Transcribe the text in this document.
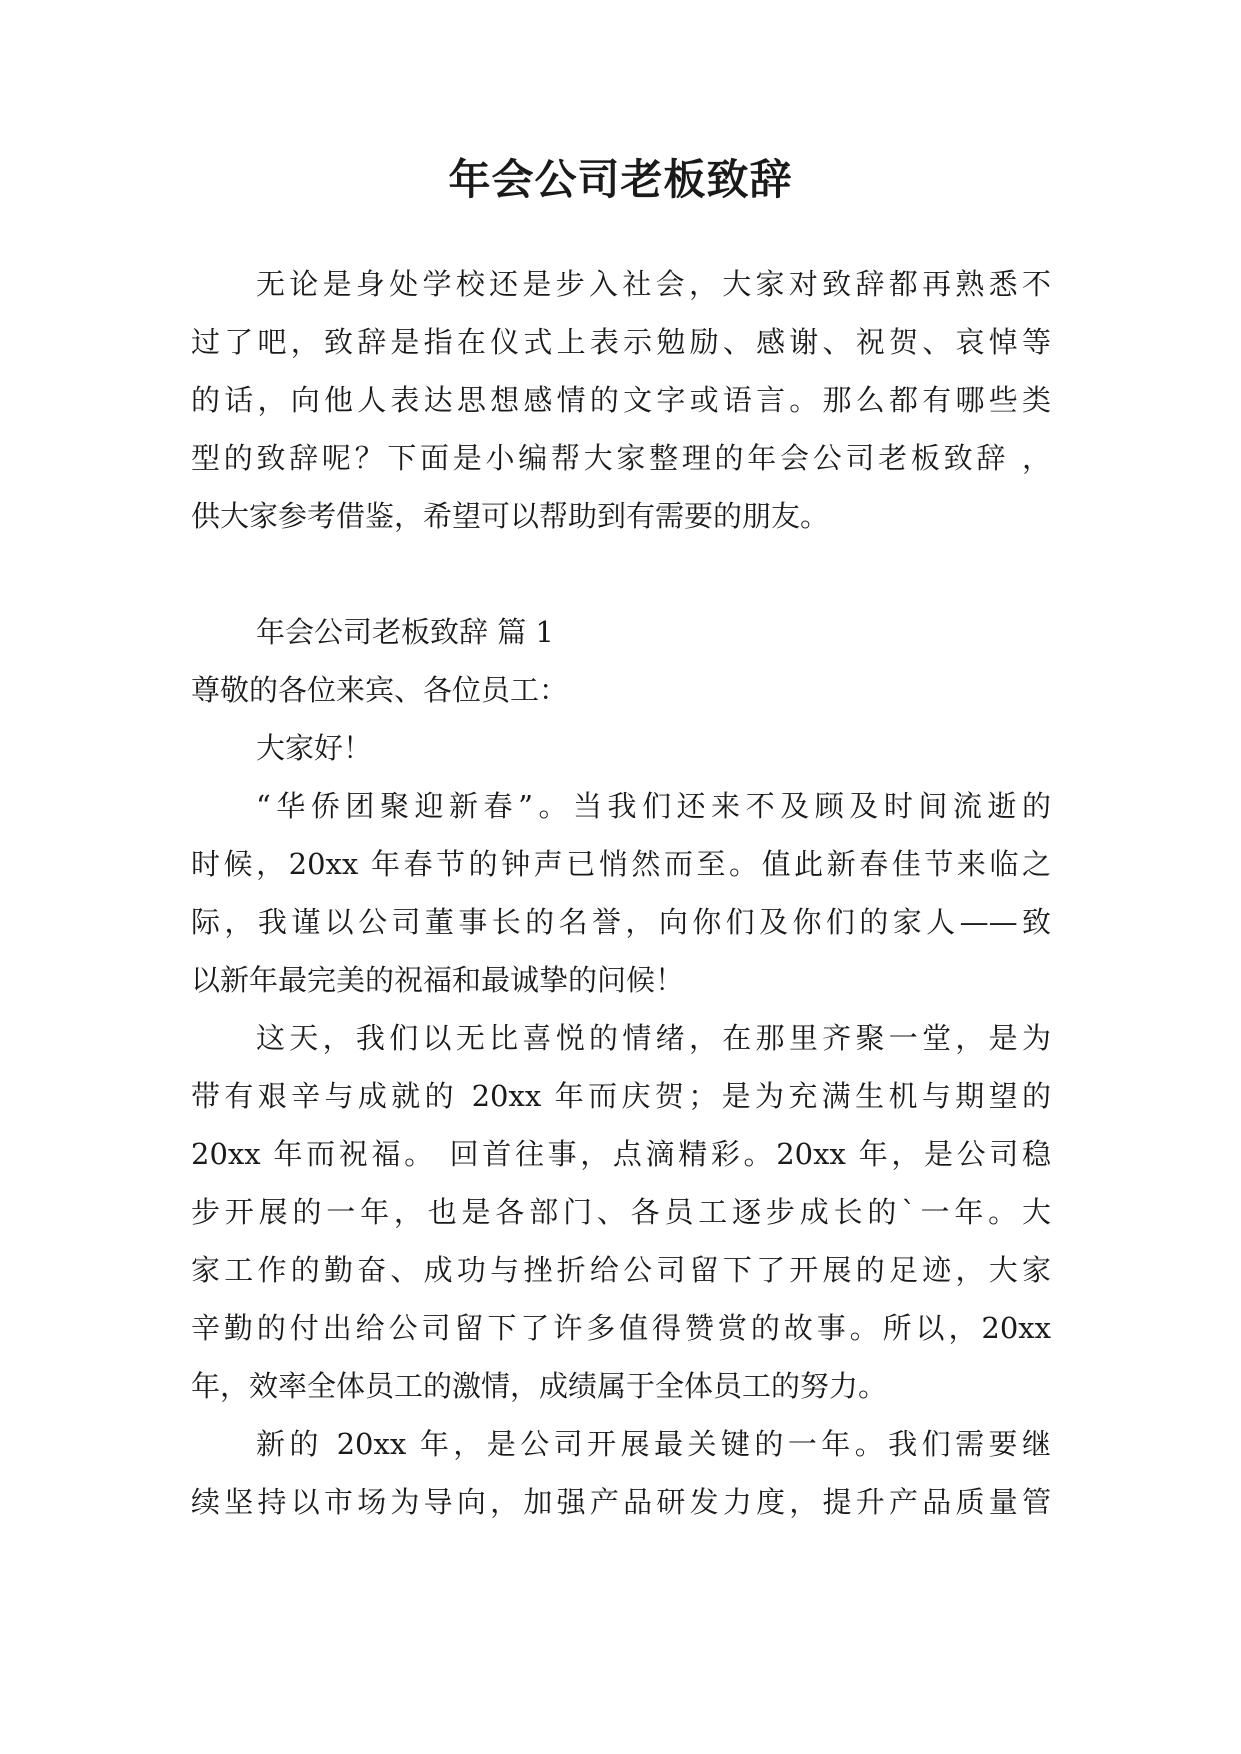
年会公司老板致辞
无论是身处学校还是步入社会，大家对致辞都再熟悉不
过了吧，致辞是指在仪式上表示勉励、感谢、祝贺、哀悼等
的话，向他人表达思想感情的文字或语言。那么都有哪些类
型的致辞呢？下面是小编帮大家整理的年会公司老板致辞 ，
供大家参考借鉴，希望可以帮助到有需要的朋友。
年会公司老板致辞 篇 1
尊敬的各位来宾、各位员工：
大家好！
“华侨团聚迎新春”。当我们还来不及顾及时间流逝的
时候，20xx 年春节的钟声已悄然而至。值此新春佳节来临之
际，我谨以公司董事长的名誉，向你们及你们的家人——致
以新年最完美的祝福和最诚挚的问候！
这天，我们以无比喜悦的情绪，在那里齐聚一堂，是为
带有艰辛与成就的 20xx 年而庆贺；是为充满生机与期望的
20xx 年而祝福。 回首往事，点滴精彩。20xx 年，是公司稳
步开展的一年，也是各部门、各员工逐步成长的`一年。大
家工作的勤奋、成功与挫折给公司留下了开展的足迹，大家
辛勤的付出给公司留下了许多值得赞赏的故事。所以，20xx
年，效率全体员工的激情，成绩属于全体员工的努力。
新的 20xx 年，是公司开展最关键的一年。我们需要继
续坚持以市场为导向，加强产品研发力度，提升产品质量管
